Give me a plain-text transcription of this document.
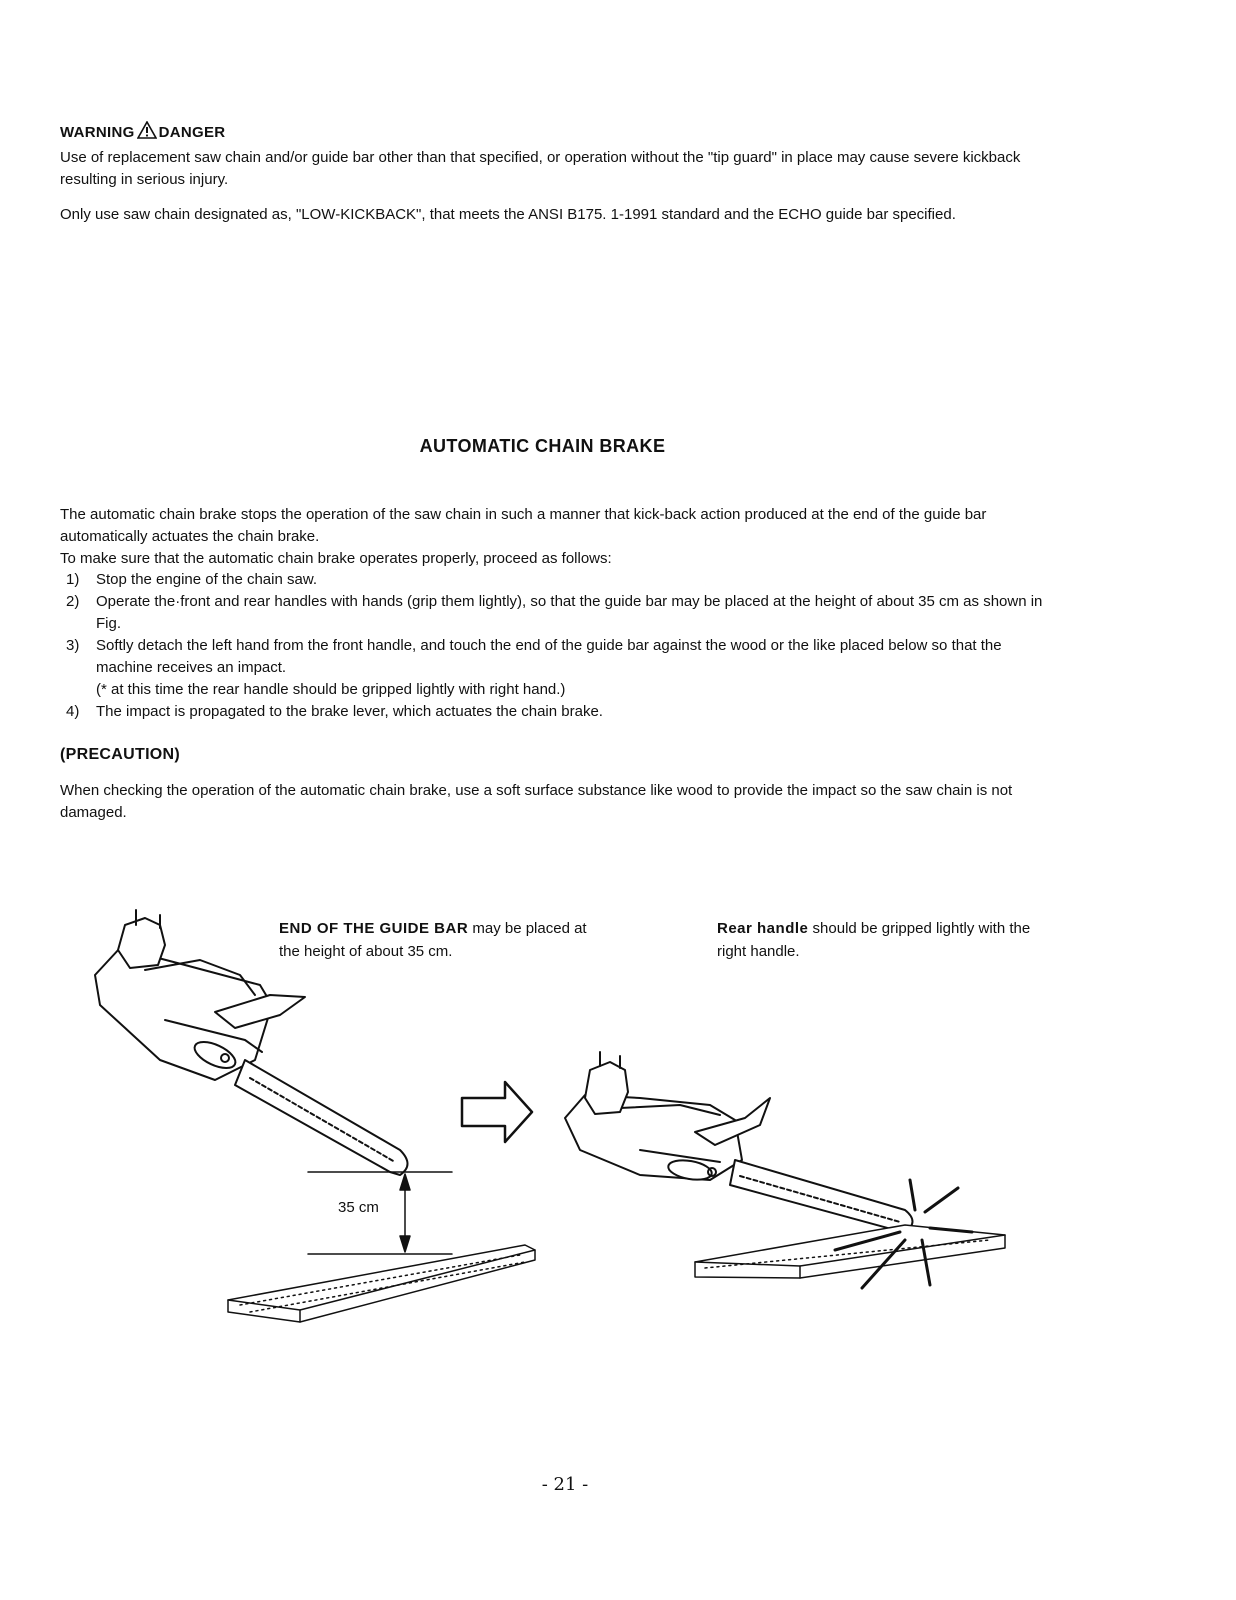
WARNING DANGER
Use of replacement saw chain and/or guide bar other than that specified, or operation without the "tip guard" in place may cause severe kickback resulting in serious injury.
Only use saw chain designated as, "LOW-KICKBACK", that meets the ANSI B175. 1-1991 standard and the ECHO guide bar specified.
AUTOMATIC CHAIN BRAKE
The automatic chain brake stops the operation of the saw chain in such a manner that kick-back action produced at the end of the guide bar automatically actuates the chain brake.
To make sure that the automatic chain brake operates properly, proceed as follows:
1) Stop the engine of the chain saw.
2) Operate the·front and rear handles with hands (grip them lightly), so that the guide bar may be placed at the height of about 35 cm as shown in Fig.
3) Softly detach the left hand from the front handle, and touch the end of the guide bar against the wood or the like placed below so that the machine receives an impact.
(* at this time the rear handle should be gripped lightly with right hand.)
4) The impact is propagated to the brake lever, which actuates the chain brake.
(PRECAUTION)
When checking the operation of the automatic chain brake, use a soft surface substance like wood to provide the impact so the saw chain is not damaged.
END OF THE GUIDE BAR may be placed at the height of about 35 cm.
Rear handle should be gripped lightly with the right handle.
35 cm
- 21 -
